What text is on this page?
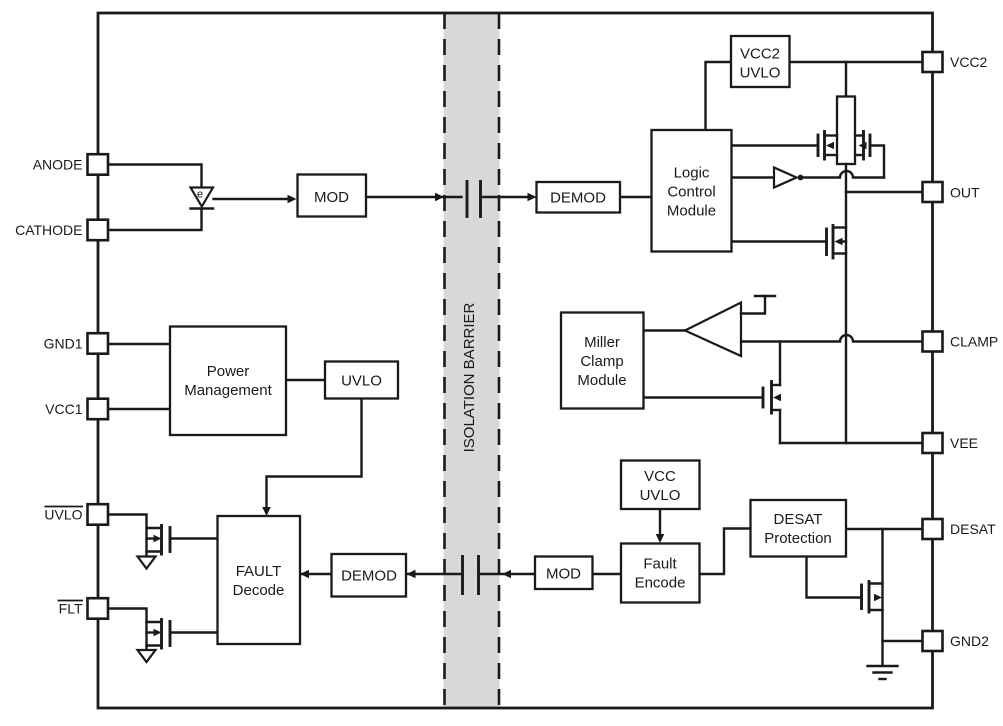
ISOLATION BARRIER
e	MOD	DEMOD
Logic
Control
Module
VCC2
UVLO
Miller
Clamp
Module
Power
Management
UVLO
FAULT
Decode
DEMOD	MOD
VCC
UVLO
Fault
Encode
DESAT
Protection
ANODE
CATHODE
GND1
VCC1
UVLO
FLT
VCC2
OUT
CLAMP
VEE
DESAT
GND2
